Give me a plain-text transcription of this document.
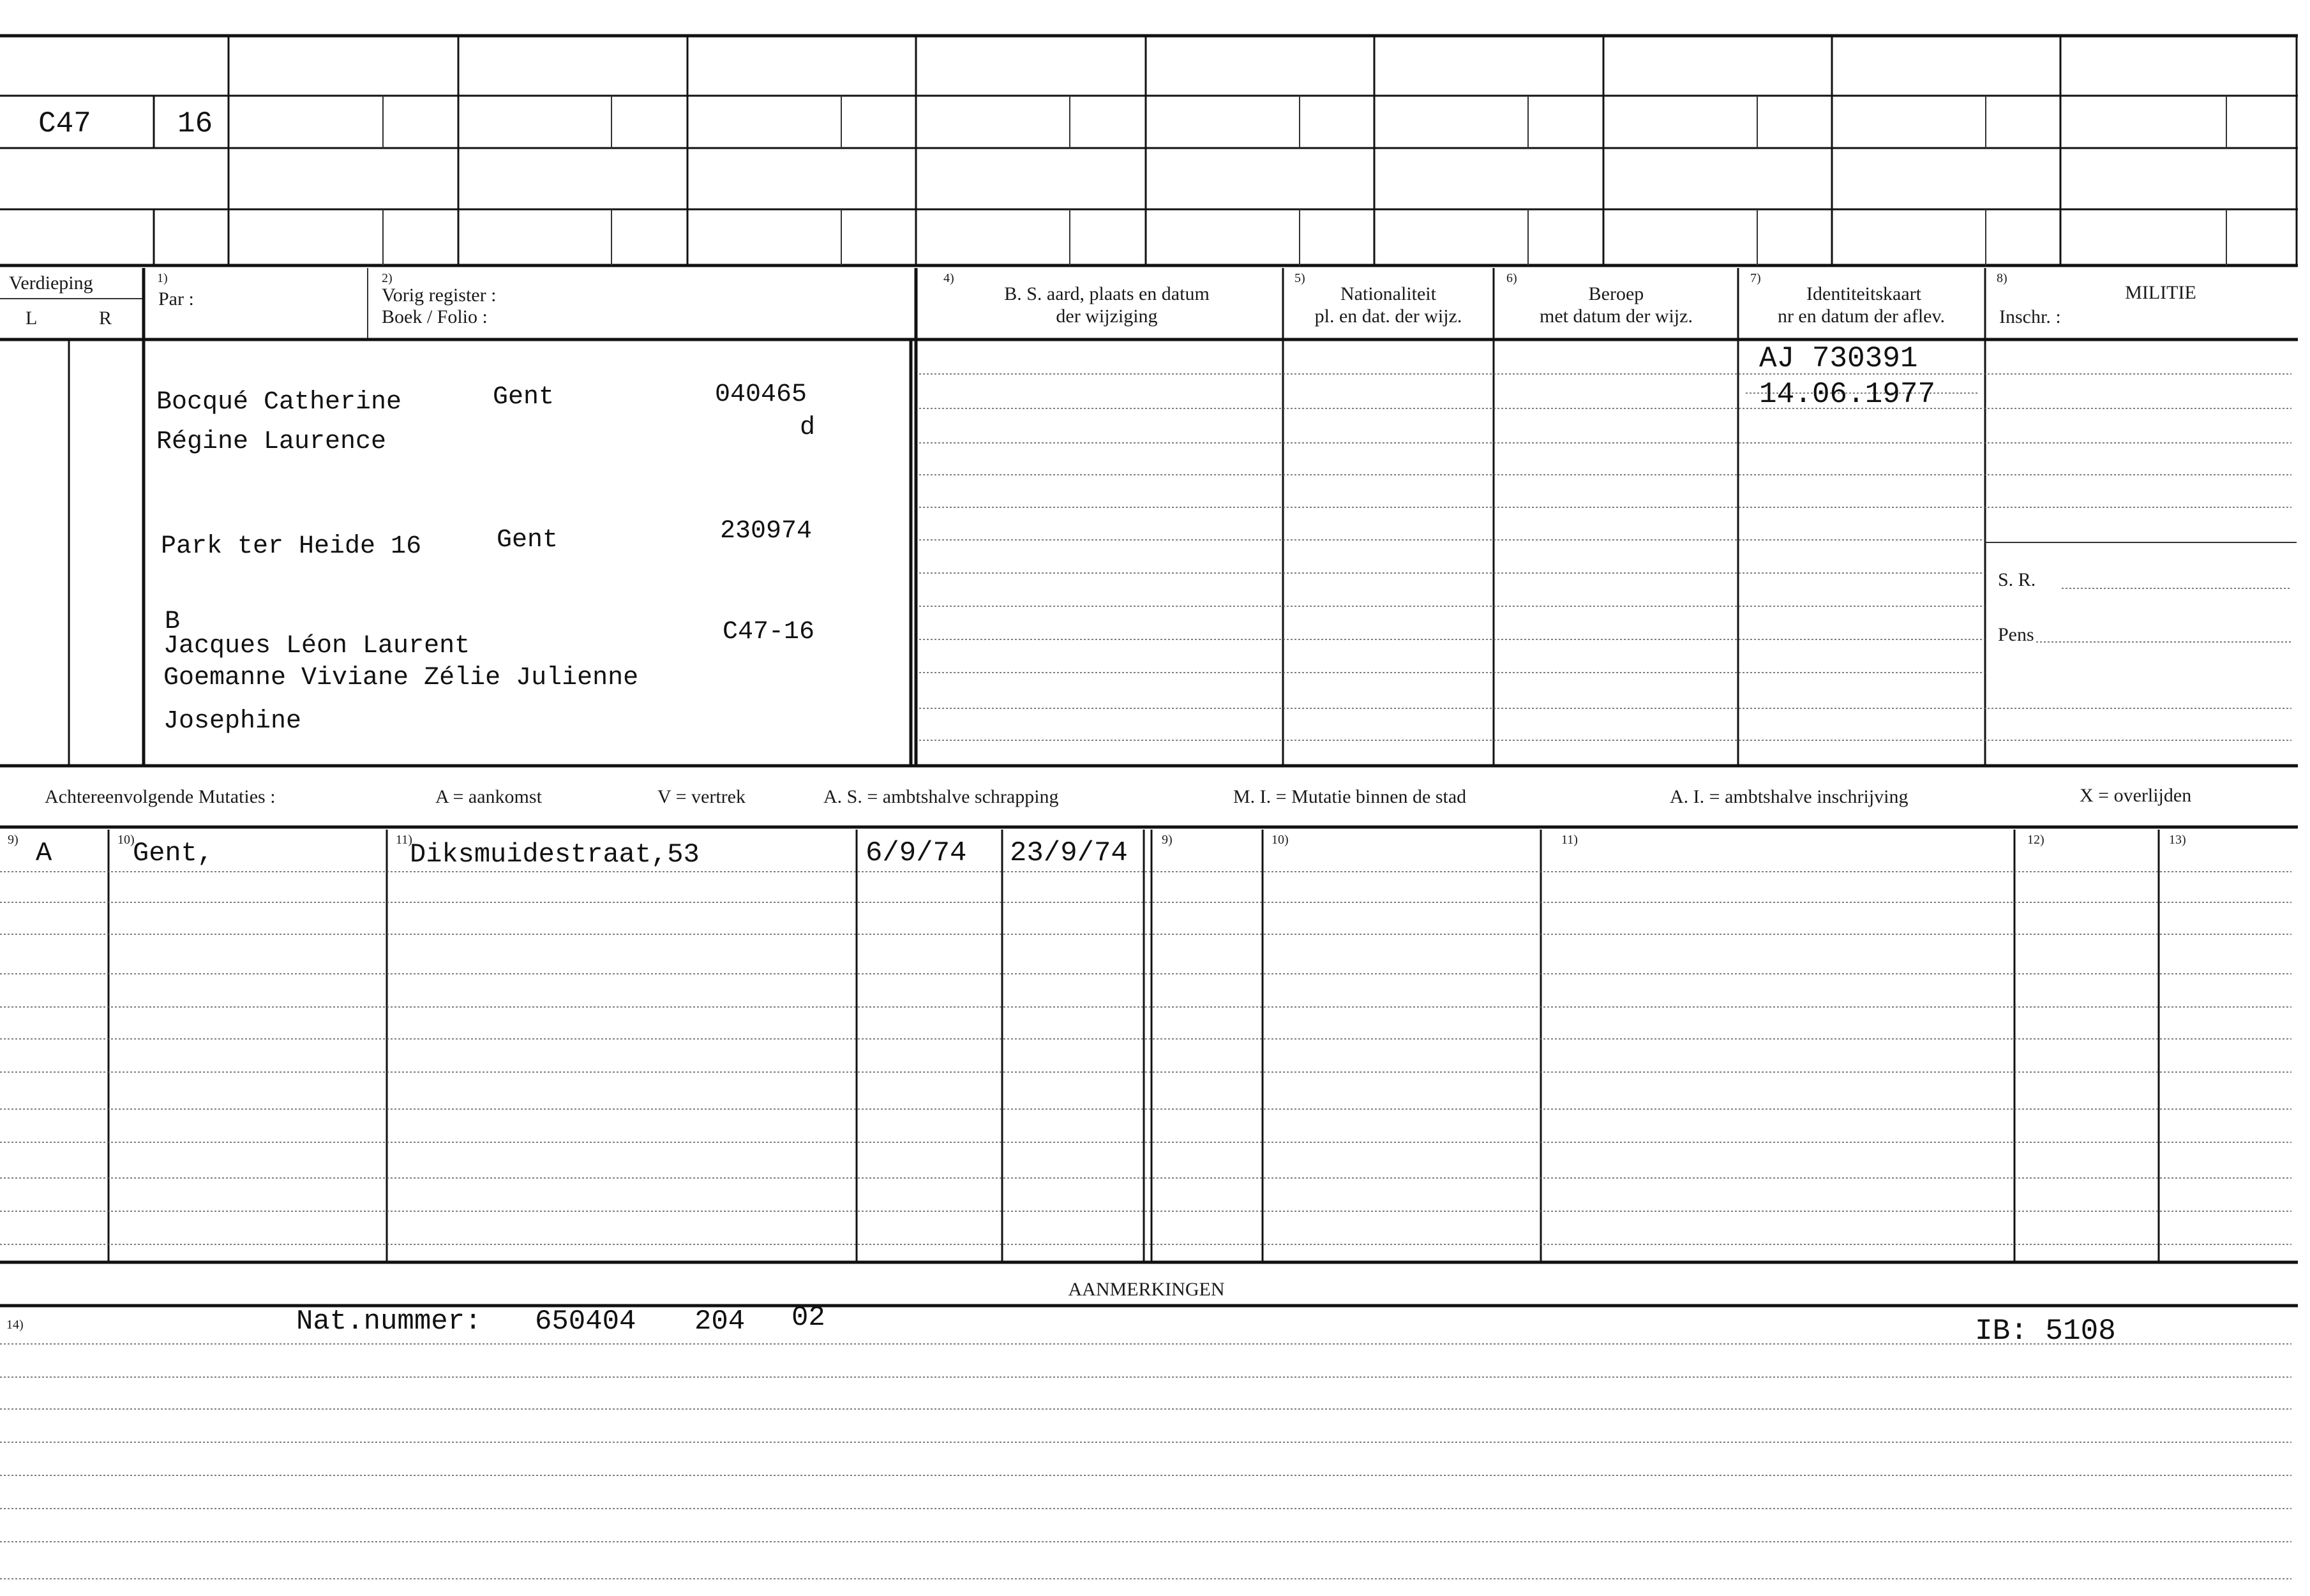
C47	16
Verdieping
L	R
1)
Par :
2)
Vorig register :
Boek / Folio :
4)
B. S. aard, plaats en datum
der wijziging
5)
Nationaliteit
pl. en dat. der wijz.
6)
Beroep
met datum der wijz.
7)
Identiteitskaart
nr en datum der aflev.
8)
MILITIE
Inschr. :
Bocqué Catherine
Régine Laurence
Gent	040465
d
Park ter Heide 16	Gent	230974
B
Jacques Léon Laurent
Goemanne Viviane Zélie Julienne
Josephine
C47-16
AJ 730391
14.06.1977
S. R.
Pens
Achtereenvolgende Mutaties :	A = aankomst	V = vertrek	A. S. = ambtshalve schrapping	M. I. = Mutatie binnen de stad	A. I. = ambtshalve inschrijving	X = overlijden
9)	10)	11)	9)	10)	11)	12)	13)
A	Gent,	Diksmuidestraat,53	6/9/74 23/9/74
AANMERKINGEN
14)	Nat.nummer: 650404 204 02	IB: 5108
